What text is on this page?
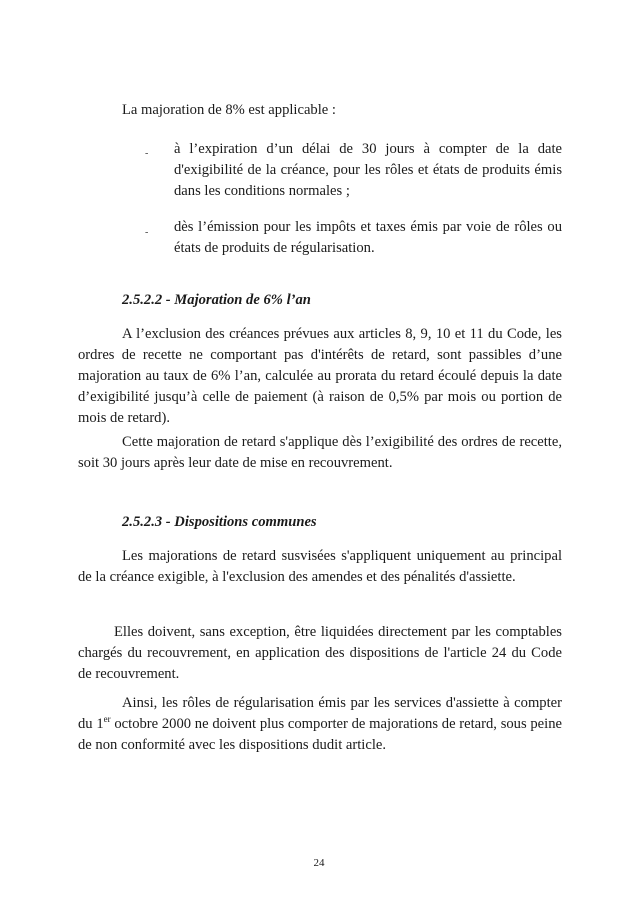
La majoration de 8% est applicable :
-	à l’expiration d’un délai de 30 jours à compter de la date d'exigibilité de la créance, pour les rôles et états de produits émis dans les conditions normales ;
-	dès l’émission pour les impôts et taxes émis par voie de rôles ou états de produits de régularisation.
2.5.2.2 - Majoration de 6% l’an
A l’exclusion des créances prévues aux articles 8, 9, 10 et 11 du Code, les ordres de recette ne comportant pas d'intérêts de retard, sont passibles d’une majoration au taux de 6% l’an, calculée au prorata du retard écoulé depuis la date d’exigibilité jusqu’à celle de paiement (à raison de 0,5% par mois ou portion de mois de retard).
Cette majoration de retard s'applique dès l’exigibilité des ordres de recette, soit 30 jours après leur date de mise en recouvrement.
2.5.2.3 - Dispositions communes
Les majorations de retard susvisées s'appliquent uniquement au principal de la créance exigible, à l'exclusion des amendes et des pénalités d'assiette.
Elles doivent, sans exception, être liquidées directement par les comptables chargés du recouvrement, en application des dispositions de l'article 24 du Code de recouvrement.
Ainsi, les rôles de régularisation émis par les services d'assiette à compter du 1er octobre 2000 ne doivent plus comporter de majorations de retard, sous peine de non conformité avec les dispositions dudit article.
24
